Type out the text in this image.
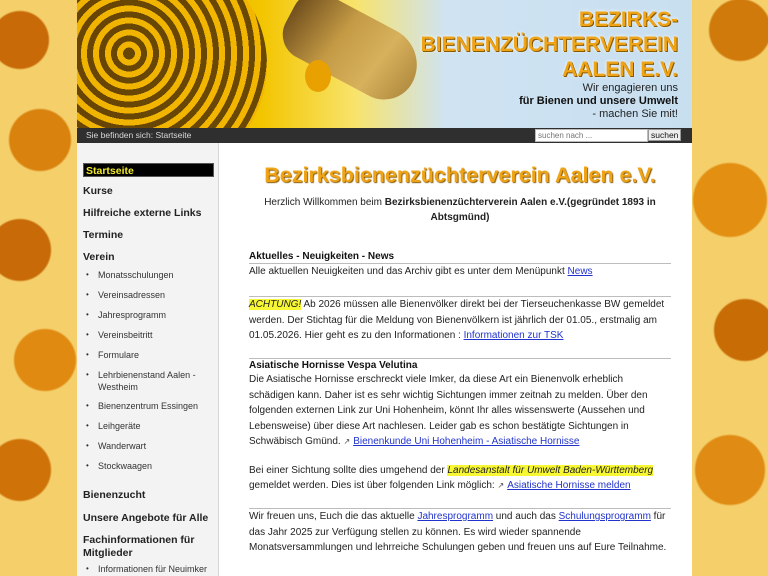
BEZIRKS-
BIENENZÜCHTERVEREIN
AALEN E.V.
Wir engagieren uns
für Bienen und unsere Umwelt
- machen Sie mit!
Sie befinden sich: Startseite
suchen nach ...	suchen
Startseite
Kurse
Hilfreiche externe Links
Termine
Verein
• Monatsschulungen
• Vereinsadressen
• Jahresprogramm
• Vereinsbeitritt
• Formulare
• Lehrbienenstand Aalen - Westheim
• Bienenzentrum Essingen
• Leihgeräte
• Wanderwart
• Stockwaagen
Bienenzucht
Unsere Angebote für Alle
Fachinformationen für Mitglieder
• Informationen für Neuimker
Bezirksbienenzüchterverein Aalen e.V.
Herzlich Willkommen beim Bezirksbienenzüchterverein Aalen e.V.(gegründet 1893 in Abtsgmünd)
Aktuelles - Neuigkeiten - News
Alle aktuellen Neuigkeiten und das Archiv gibt es unter dem Menüpunkt News
ACHTUNG! Ab 2026 müssen alle Bienenvölker direkt bei der Tierseuchenkasse BW gemeldet werden. Der Stichtag für die Meldung von Bienenvölkern ist jährlich der 01.05., erstmalig am 01.05.2026. Hier geht es zu den Informationen : Informationen zur TSK
Asiatische Hornisse Vespa Velutina
Die Asiatische Hornisse erschreckt viele Imker, da diese Art ein Bienenvolk erheblich schädigen kann. Daher ist es sehr wichtig Sichtungen immer zeitnah zu melden. Über den folgenden externen Link zur Uni Hohenheim, könnt Ihr alles wissenswerte (Aussehen und Lebensweise) über diese Art nachlesen. Leider gab es schon bestätigte Sichtungen in Schwäbisch Gmünd. ↗ Bienenkunde Uni Hohenheim - Asiatische Hornisse
Bei einer Sichtung sollte dies umgehend der Landesanstalt für Umwelt Baden-Württemberg gemeldet werden. Dies ist über folgenden Link möglich: ↗ Asiatische Hornisse melden
Wir freuen uns, Euch die das aktuelle Jahresprogramm und auch das Schulungsprogramm für das Jahr 2025 zur Verfügung stellen zu können. Es wird wieder spannende Monatsversammlungen und lehrreiche Schulungen geben und freuen uns auf Eure Teilnahme.
